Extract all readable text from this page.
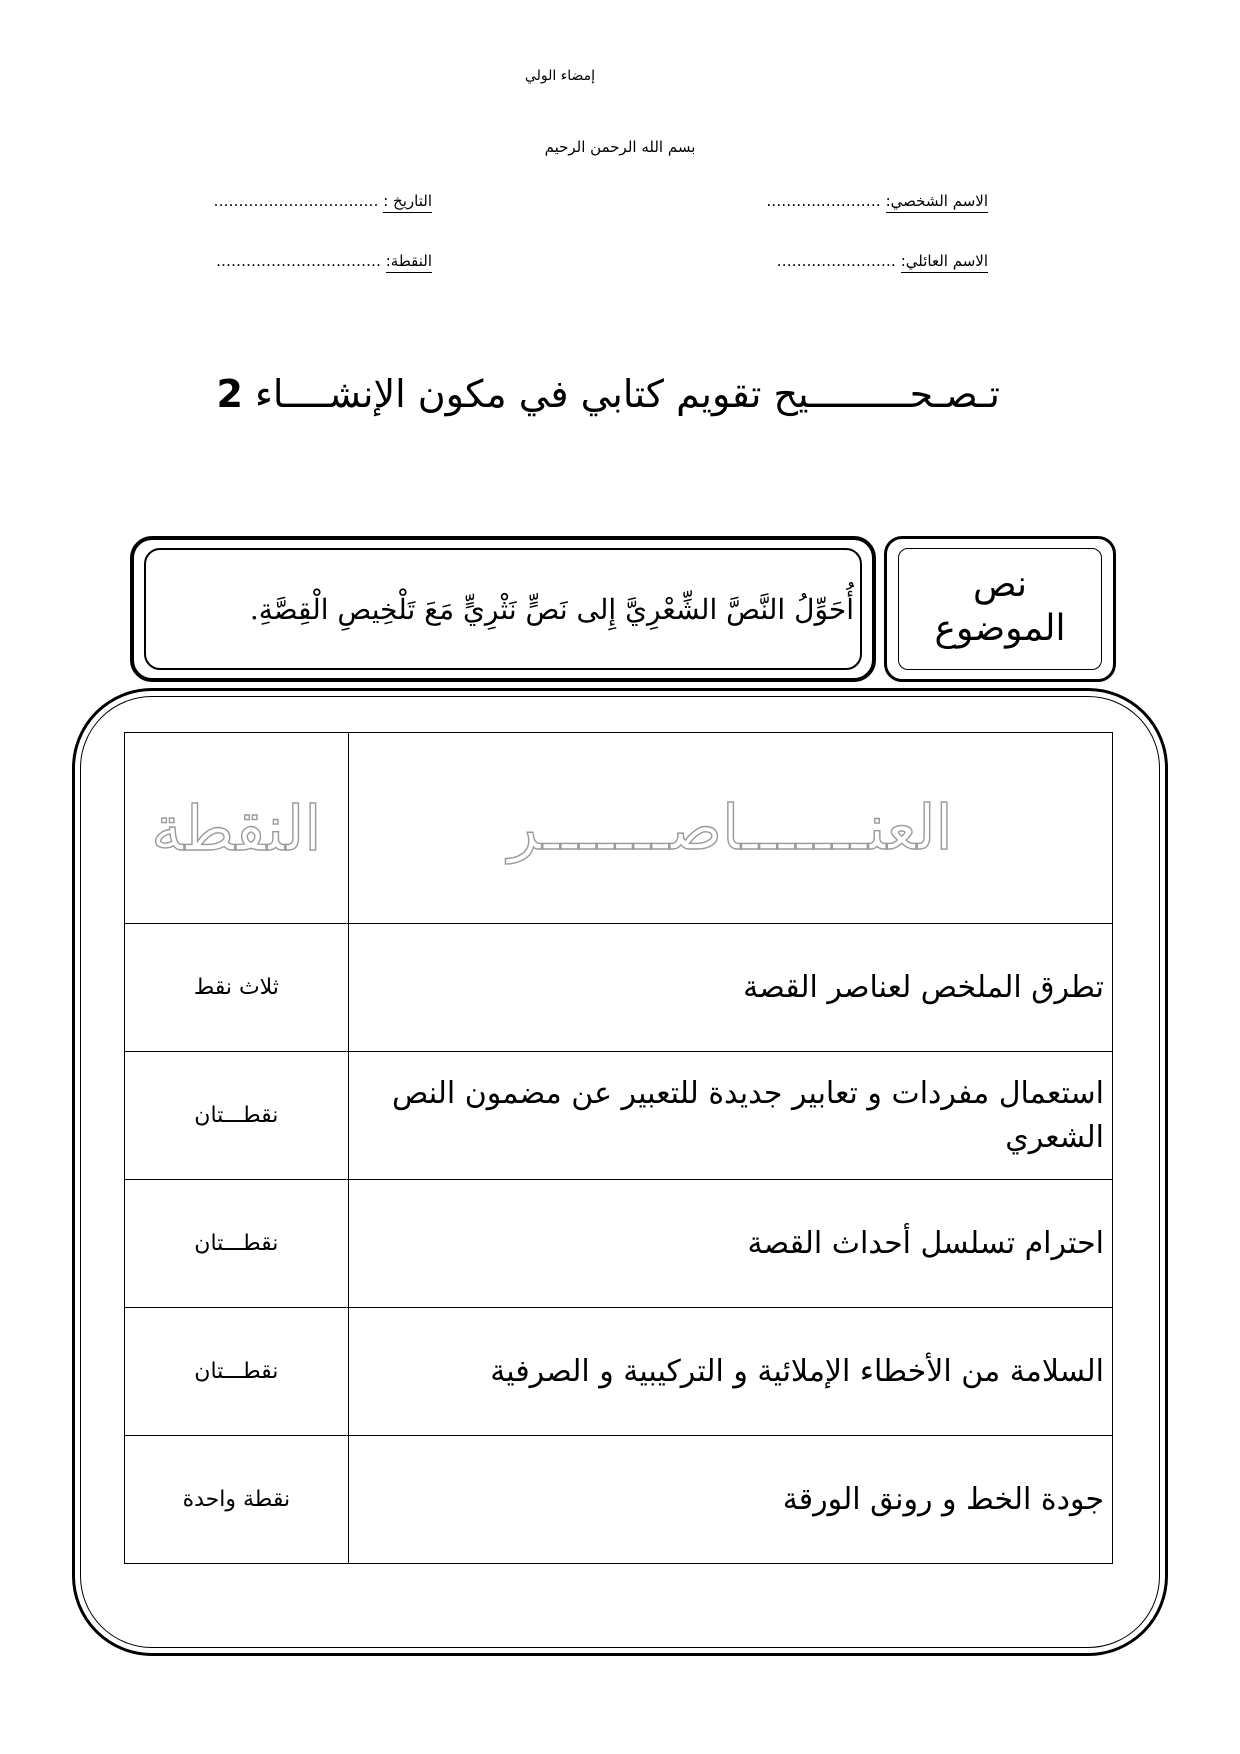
إمضاء الولي
بسم الله الرحمن الرحيم
الاسم الشخصي: …………..………
التاريخ : ……………………………
الاسم العائلي: ……….……..……
النقطة: ……………………………
تـصـحـــــــــيح تقويم كتابي في مكون الإنشــــاء 2
نص
الموضوع
أُحَوِّلُ النَّصَّ الشِّعْرِيَّ إِلى نَصٍّ نَثْرِيٍّ مَعَ تَلْخِيصِ الْقِصَّةِ.
العنـــــــاصـــــــر	النقطة
تطرق الملخص لعناصر القصة	ثلاث نقط
استعمال مفردات و تعابير جديدة للتعبير عن مضمون النص الشعري	نقطـــتان
احترام تسلسل أحداث القصة	نقطـــتان
السلامة من الأخطاء الإملائية و التركيبية و الصرفية	نقطـــتان
جودة الخط و رونق الورقة	نقطة واحدة
